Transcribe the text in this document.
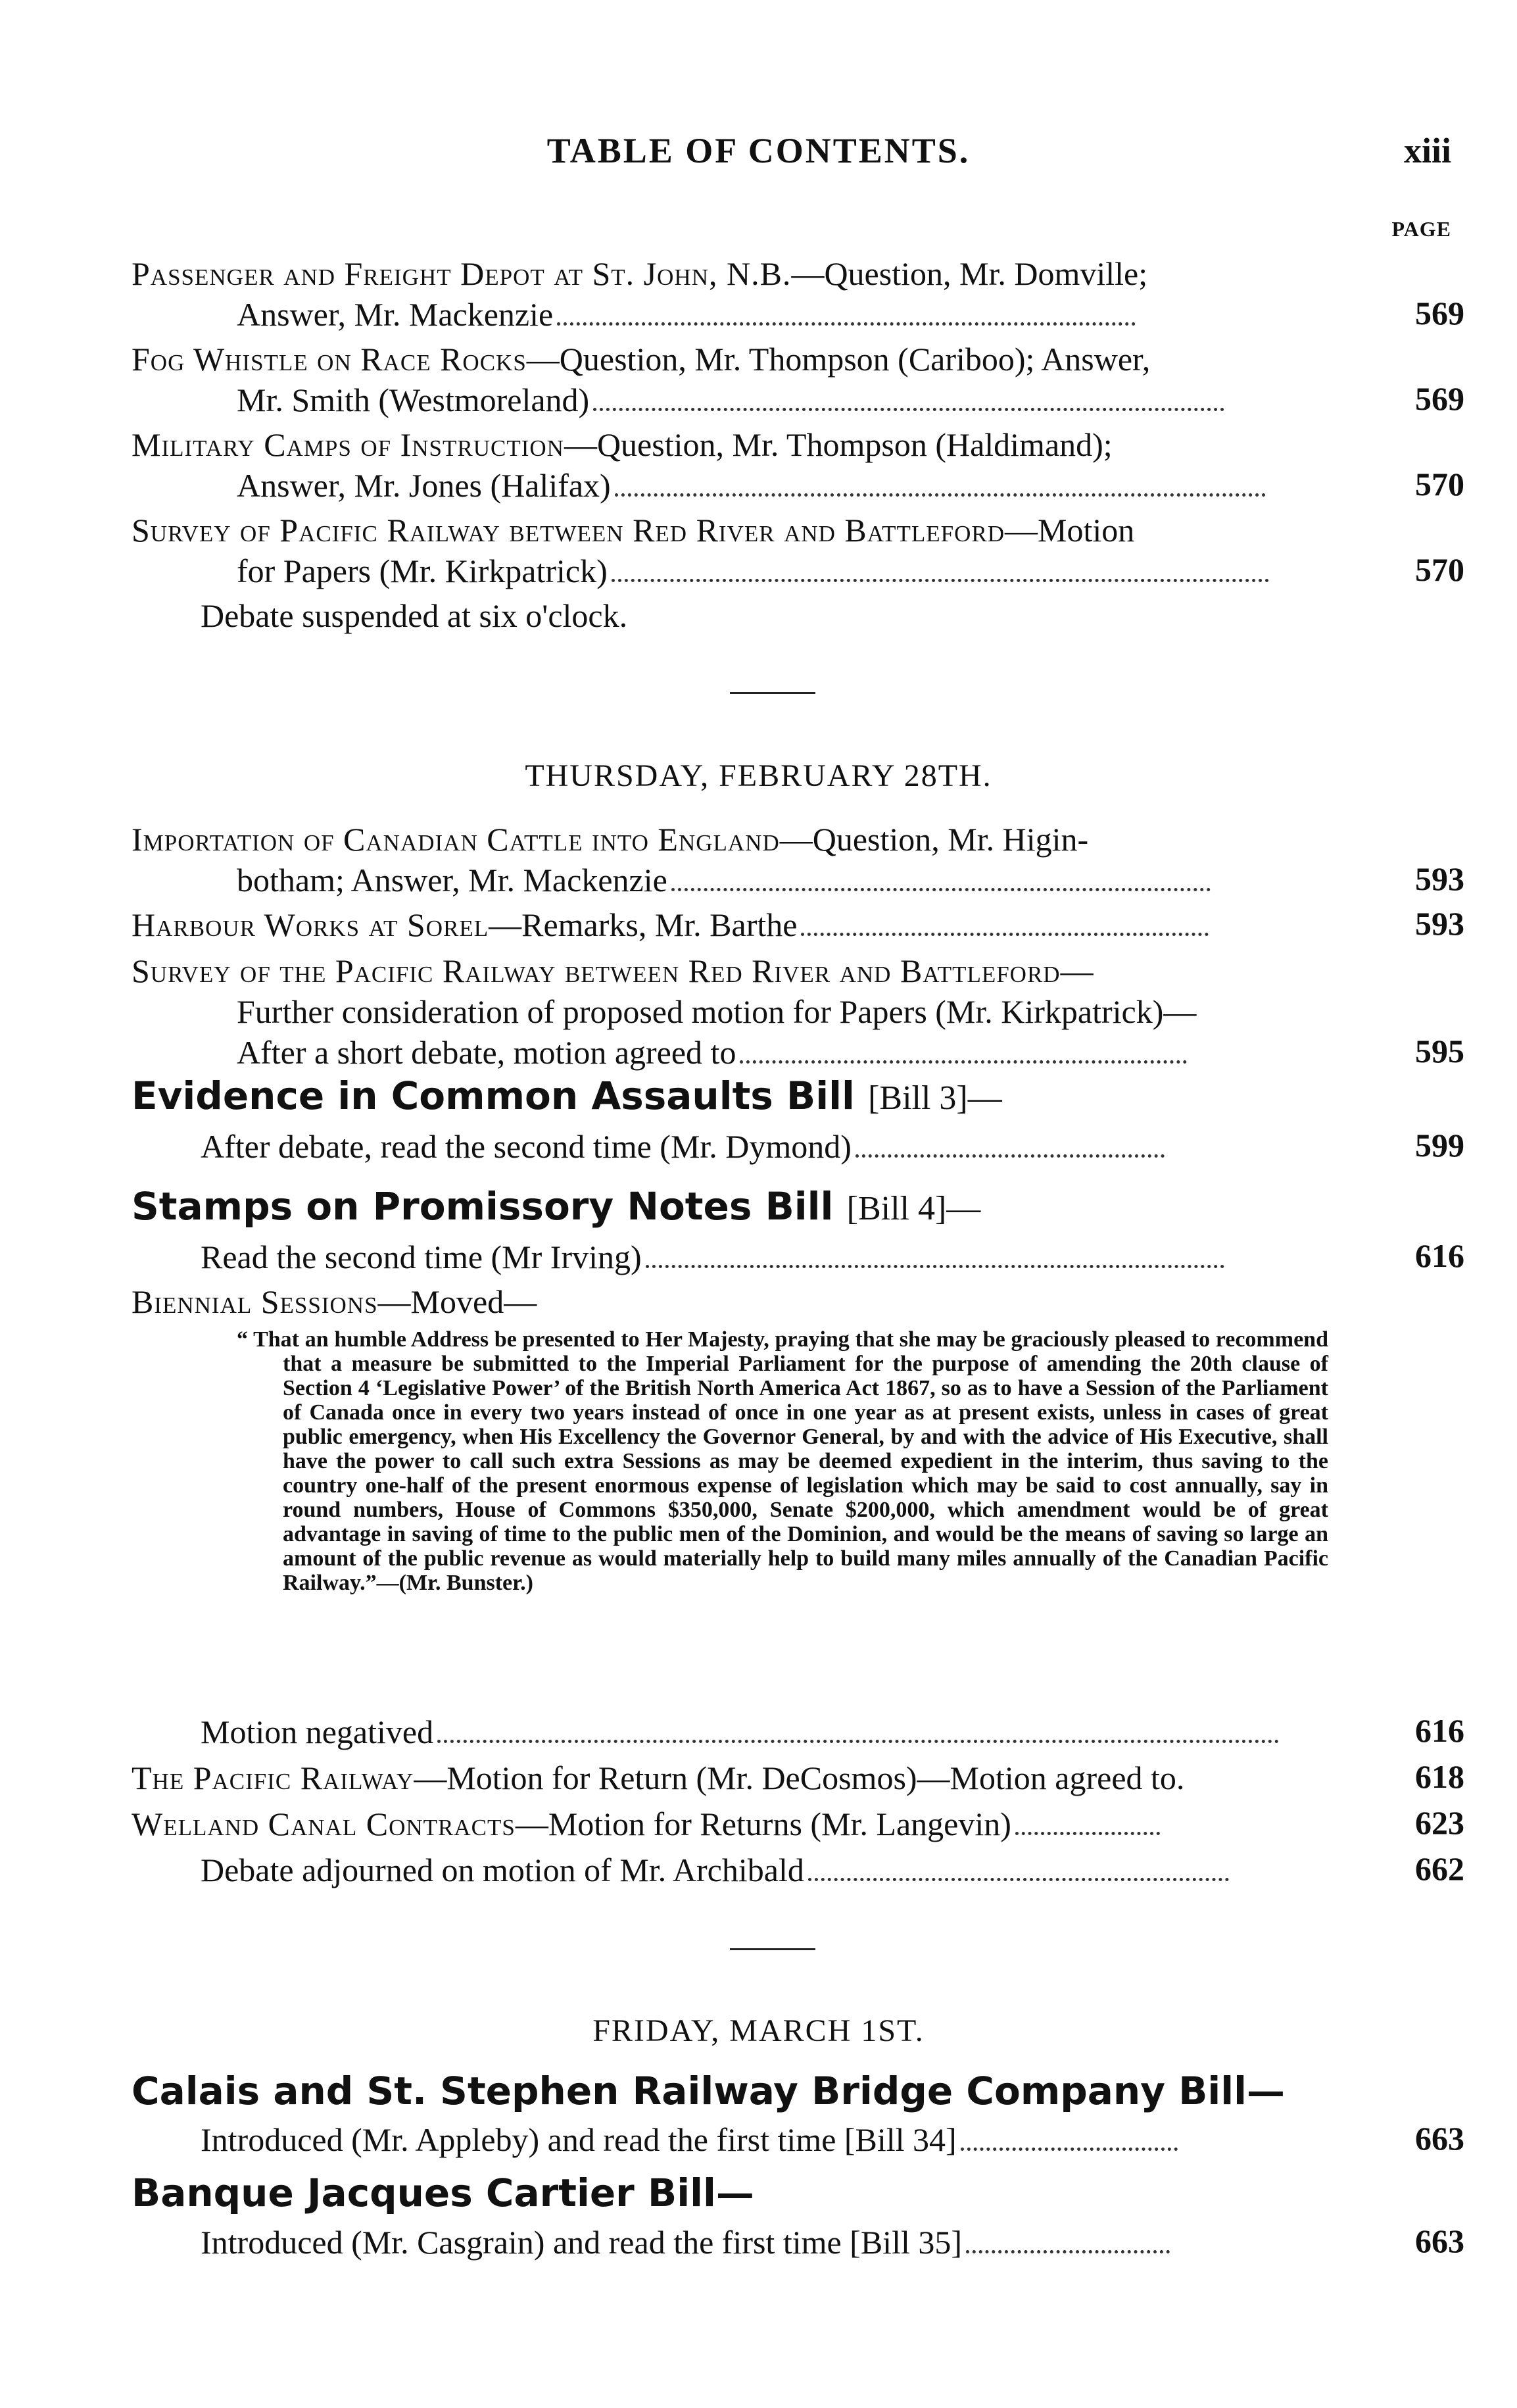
TABLE OF CONTENTS.	xiii
PAGE
Passenger and Freight Depot at St. John, N.B.—Question, Mr. Domville;
Answer, Mr. Mackenzie	569
Fog Whistle on Race Rocks—Question, Mr. Thompson (Cariboo); Answer,
Mr. Smith (Westmoreland)	569
Military Camps of Instruction—Question, Mr. Thompson (Haldimand);
Answer, Mr. Jones (Halifax)	570
Survey of Pacific Railway between Red River and Battleford—Motion
for Papers (Mr. Kirkpatrick)	570
Debate suspended at six o'clock.
THURSDAY, FEBRUARY 28TH.
Importation of Canadian Cattle into England—Question, Mr. Higin-
botham; Answer, Mr. Mackenzie	593
Harbour Works at Sorel—Remarks, Mr. Barthe	593
Survey of the Pacific Railway between Red River and Battleford—
Further consideration of proposed motion for Papers (Mr. Kirkpatrick)—
After a short debate, motion agreed to	595
Evidence in Common Assaults Bill [Bill 3]—
After debate, read the second time (Mr. Dymond)	599
Stamps on Promissory Notes Bill [Bill 4]—
Read the second time (Mr Irving)	616
Biennial Sessions—Moved—
“ That an humble Address be presented to Her Majesty, praying that she may be graciously pleased to recommend that a measure be submitted to the Imperial Parliament for the purpose of amending the 20th clause of Section 4 ‘Legislative Power’ of the British North America Act 1867, so as to have a Session of the Parliament of Canada once in every two years instead of once in one year as at present exists, unless in cases of great public emergency, when His Excellency the Governor General, by and with the advice of His Executive, shall have the power to call such extra Sessions as may be deemed expedient in the interim, thus saving to the country one-half of the present enormous expense of legislation which may be said to cost annually, say in round numbers, House of Commons $350,000, Senate $200,000, which amendment would be of great advantage in saving of time to the public men of the Dominion, and would be the means of saving so large an amount of the public revenue as would materially help to build many miles annually of the Canadian Pacific Railway.”—(Mr. Bunster.)
Motion negatived	616
The Pacific Railway—Motion for Return (Mr. DeCosmos)—Motion agreed to.	618
Welland Canal Contracts—Motion for Returns (Mr. Langevin)	623
Debate adjourned on motion of Mr. Archibald	662
FRIDAY, MARCH 1ST.
Calais and St. Stephen Railway Bridge Company Bill—
Introduced (Mr. Appleby) and read the first time [Bill 34]	663
Banque Jacques Cartier Bill—
Introduced (Mr. Casgrain) and read the first time [Bill 35]	663
